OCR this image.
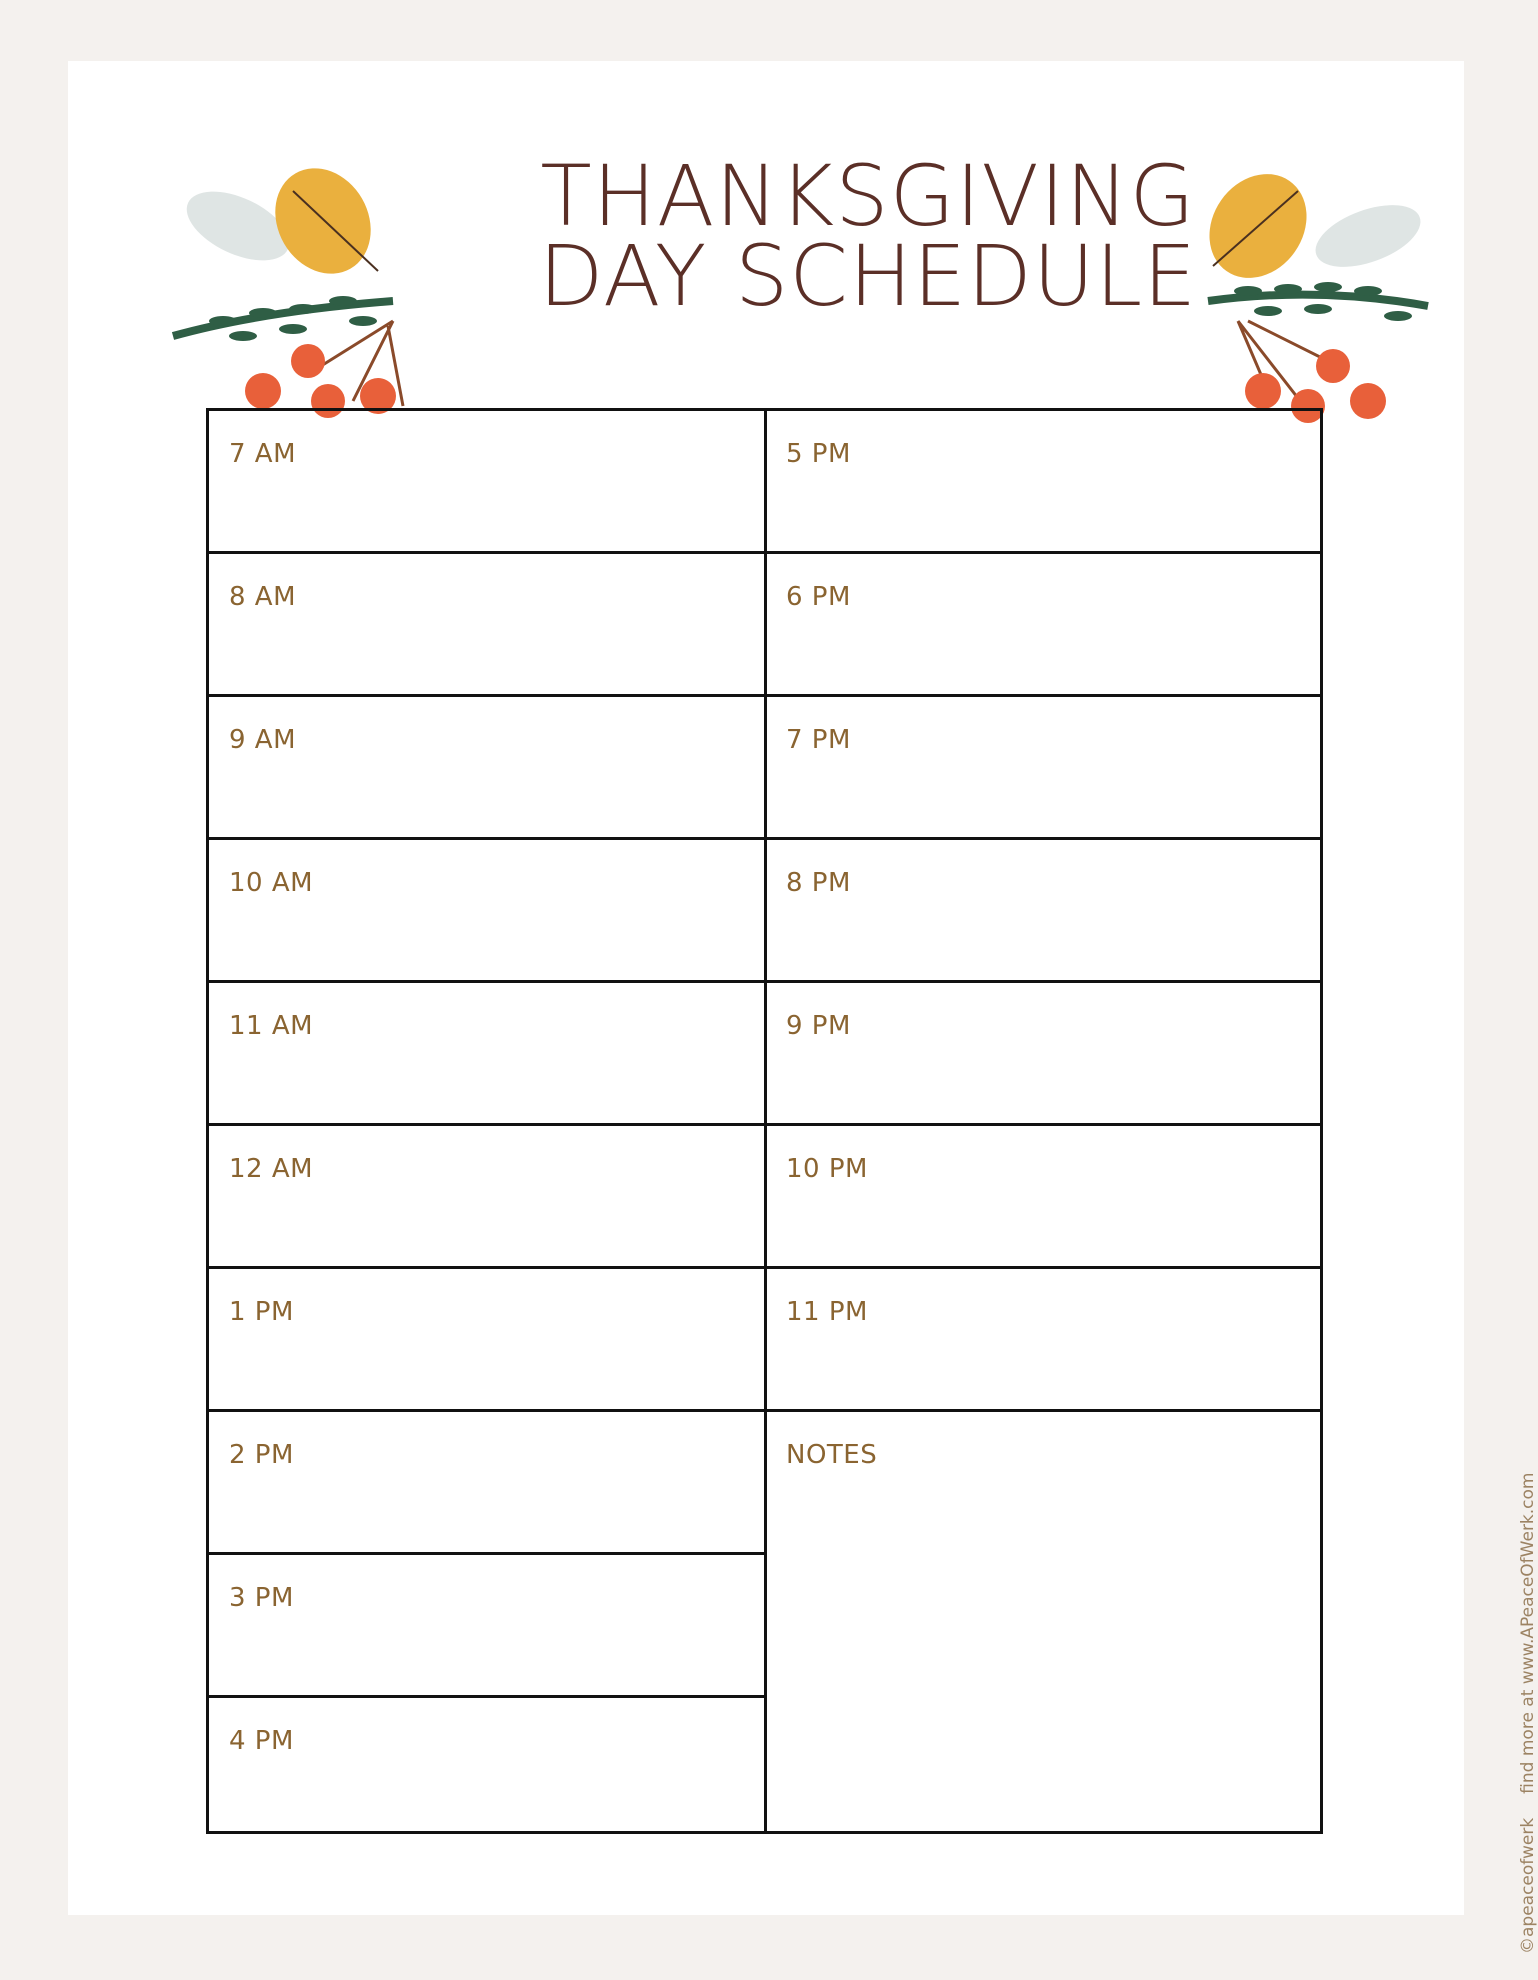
THANKSGIVING
DAY SCHEDULE
7 AM
8 AM
9 AM
10 AM
11 AM
12 AM
1 PM
2 PM
3 PM
4 PM
5 PM
6 PM
7 PM
8 PM
9 PM
10 PM
11 PM
NOTES
©apeaceofwerkfind more at www.APeaceOfWerk.com
